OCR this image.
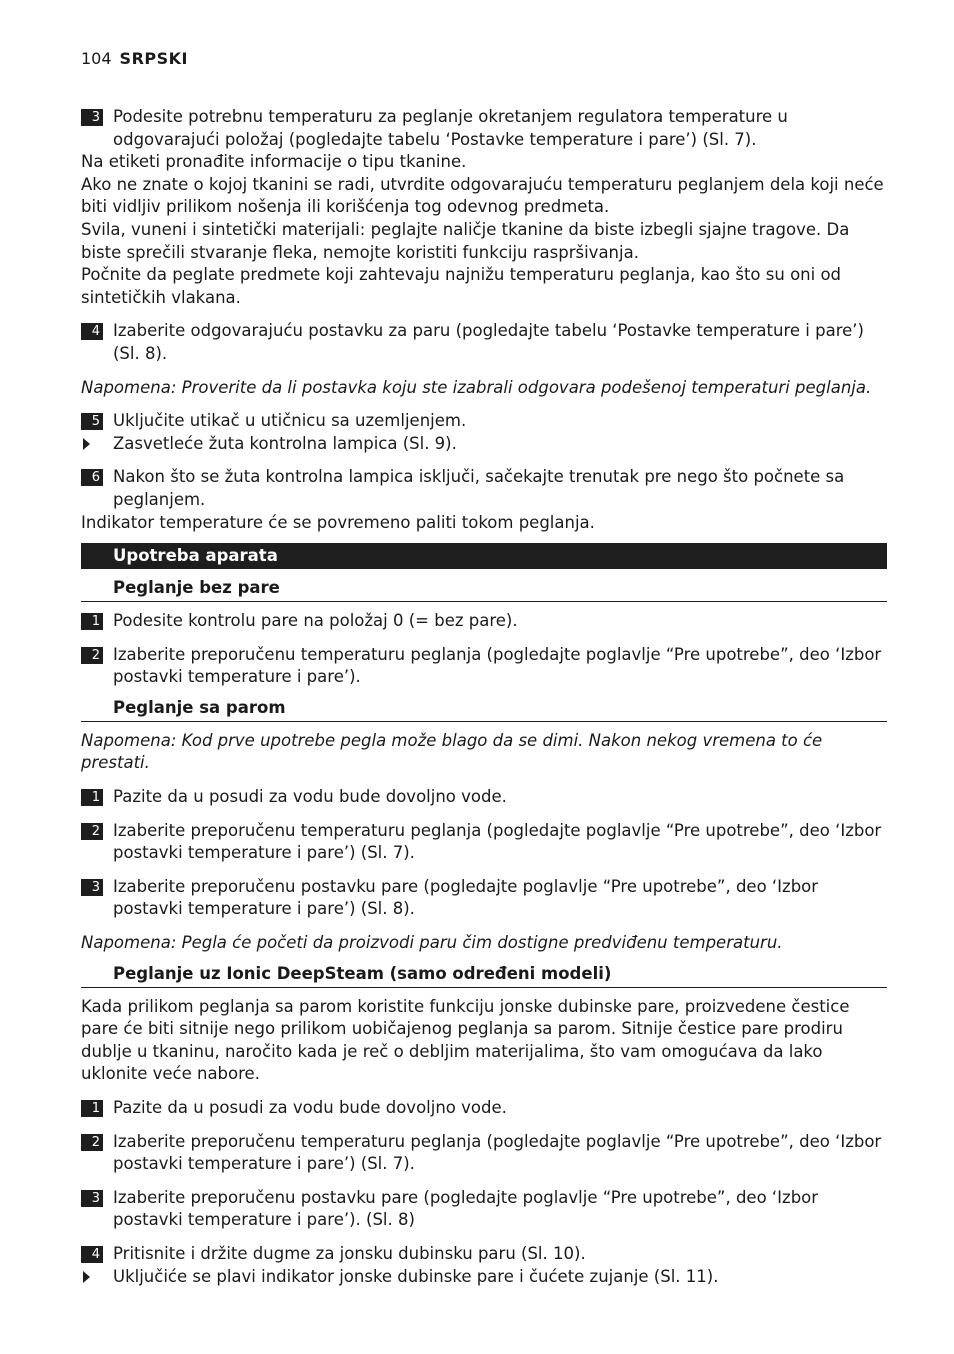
104 SRPSKI
3 Podesite potrebnu temperaturu za peglanje okretanjem regulatora temperature u odgovarajući položaj (pogledajte tabelu ‘Postavke temperature i pare’) (Sl. 7).
Na etiketi pronađite informacije o tipu tkanine.
Ako ne znate o kojoj tkanini se radi, utvrdite odgovarajuću temperaturu peglanjem dela koji neće biti vidljiv prilikom nošenja ili korišćenja tog odevnog predmeta.
Svila, vuneni i sintetički materijali: peglajte naličje tkanine da biste izbegli sjajne tragove. Da biste sprečili stvaranje fleka, nemojte koristiti funkciju raspršivanja.
Počnite da peglate predmete koji zahtevaju najnižu temperaturu peglanja, kao što su oni od sintetičkih vlakana.
4 Izaberite odgovarajuću postavku za paru (pogledajte tabelu ‘Postavke temperature i pare’) (Sl. 8).
Napomena: Proverite da li postavka koju ste izabrali odgovara podešenoj temperaturi peglanja.
5 Uključite utikač u utičnicu sa uzemljenjem.
Zasvetleće žuta kontrolna lampica (Sl. 9).
6 Nakon što se žuta kontrolna lampica isključi, sačekajte trenutak pre nego što počnete sa peglanjem.
Indikator temperature će se povremeno paliti tokom peglanja.
Upotreba aparata
Peglanje bez pare
1 Podesite kontrolu pare na položaj 0 (= bez pare).
2 Izaberite preporučenu temperaturu peglanja (pogledajte poglavlje “Pre upotrebe”, deo ‘Izbor postavki temperature i pare’).
Peglanje sa parom
Napomena: Kod prve upotrebe pegla može blago da se dimi. Nakon nekog vremena to će prestati.
1 Pazite da u posudi za vodu bude dovoljno vode.
2 Izaberite preporučenu temperaturu peglanja (pogledajte poglavlje “Pre upotrebe”, deo ‘Izbor postavki temperature i pare’) (Sl. 7).
3 Izaberite preporučenu postavku pare (pogledajte poglavlje “Pre upotrebe”, deo ‘Izbor postavki temperature i pare’) (Sl. 8).
Napomena: Pegla će početi da proizvodi paru čim dostigne predviđenu temperaturu.
Peglanje uz Ionic DeepSteam (samo određeni modeli)
Kada prilikom peglanja sa parom koristite funkciju jonske dubinske pare, proizvedene čestice pare će biti sitnije nego prilikom uobičajenog peglanja sa parom. Sitnije čestice pare prodiru dublje u tkaninu, naročito kada je reč o debljim materijalima, što vam omogućava da lako uklonite veće nabore.
1 Pazite da u posudi za vodu bude dovoljno vode.
2 Izaberite preporučenu temperaturu peglanja (pogledajte poglavlje “Pre upotrebe”, deo ‘Izbor postavki temperature i pare’) (Sl. 7).
3 Izaberite preporučenu postavku pare (pogledajte poglavlje “Pre upotrebe”, deo ‘Izbor postavki temperature i pare’). (Sl. 8)
4 Pritisnite i držite dugme za jonsku dubinsku paru (Sl. 10).
Uključiće se plavi indikator jonske dubinske pare i čućete zujanje (Sl. 11).
